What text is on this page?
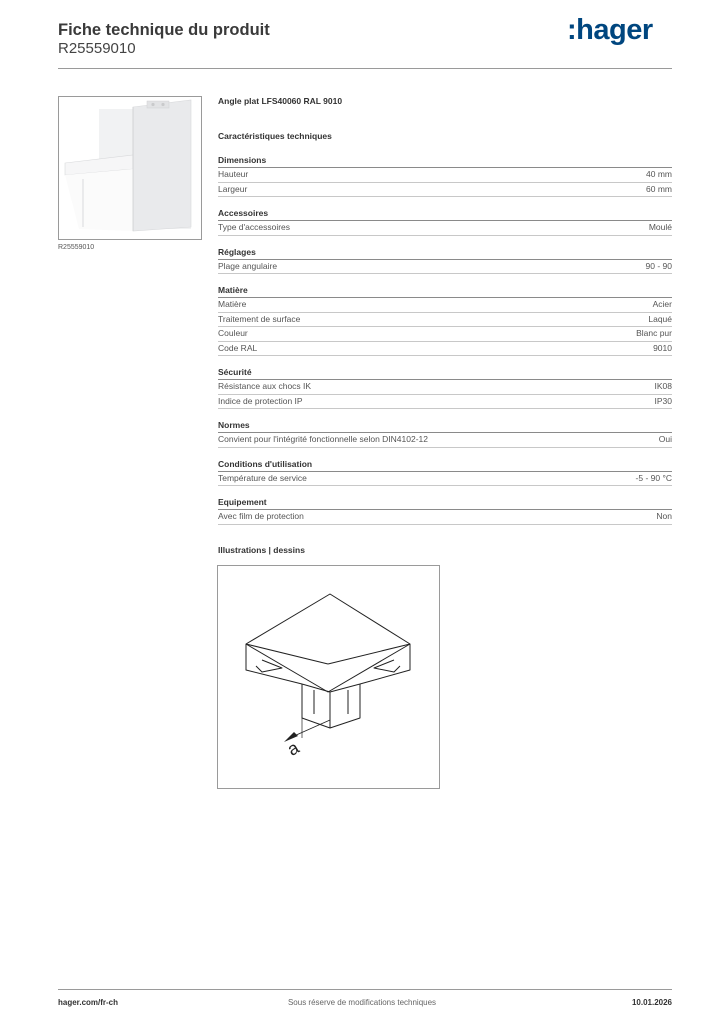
Fiche technique du produit
R25559010
:hager
R25559010
Angle plat LFS40060 RAL 9010
Caractéristiques techniques
Dimensions
Hauteur	40 mm
Largeur	60 mm
Accessoires
Type d'accessoires	Moulé
Réglages
Plage angulaire	90 - 90
Matière
Matière	Acier
Traitement de surface	Laqué
Couleur	Blanc pur
Code RAL	9010
Sécurité
Résistance aux chocs IK	IK08
Indice de protection IP	IP30
Normes
Convient pour l'intégrité fonctionnelle selon DIN4102-12	Oui
Conditions d'utilisation
Température de service	-5 - 90 °C
Equipement
Avec film de protection	Non
Illustrations | dessins
a
hager.com/fr-ch	Sous réserve de modifications techniques	10.01.2026
